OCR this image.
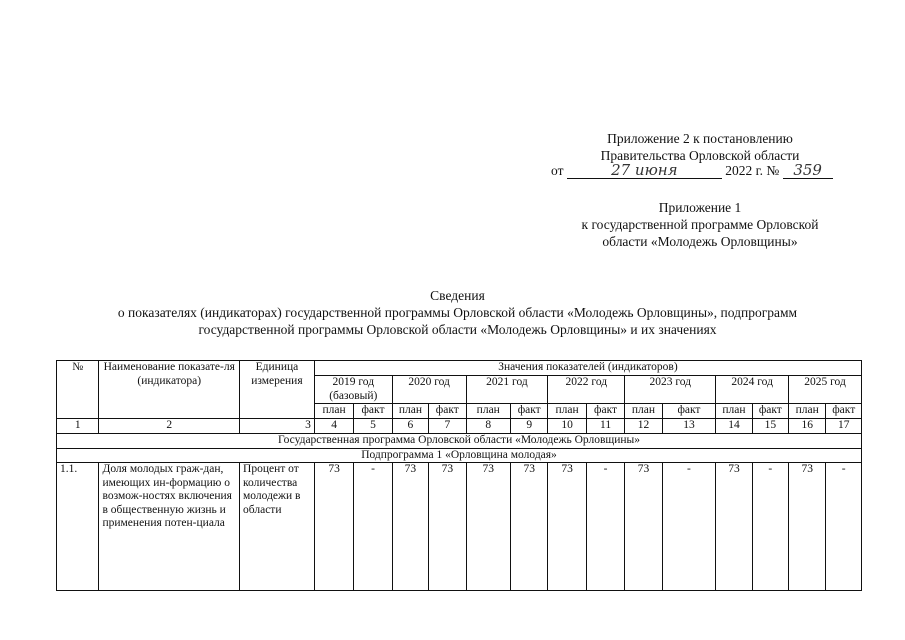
Приложение 2 к постановлению
Правительства Орловской области
от	27 июня	2022 г. № 359
Приложение 1
к государственной программе Орловской
области «Молодежь Орловщины»
Сведения
о показателях (индикаторах) государственной программы Орловской области «Молодежь Орловщины», подпрограмм
государственной программы Орловской области «Молодежь Орловщины» и их значениях
№	Наименование показате-ля (индикатора)	Единица измерения	Значения показателей (индикаторов)													
			2019 год (базовый)		2020 год		2021 год		2022 год		2023 год		2024 год		2025 год	
			план	факт	план	факт	план	факт	план	факт	план	факт	план	факт	план	факт
1	2	3	4	5	6	7	8	9	10	11	12	13	14	15	16	17
Государственная программа Орловской области «Молодежь Орловщины»																
Подпрограмма 1 «Орловщина молодая»																
1.1.	Доля молодых граж-дан, имеющих ин-формацию о возмож-ностях включения в общественную жизнь и применения потен-циала	Процент от количества молодежи в области	73	-	73	73	73	73	73	-	73	-	73	-	73	-
